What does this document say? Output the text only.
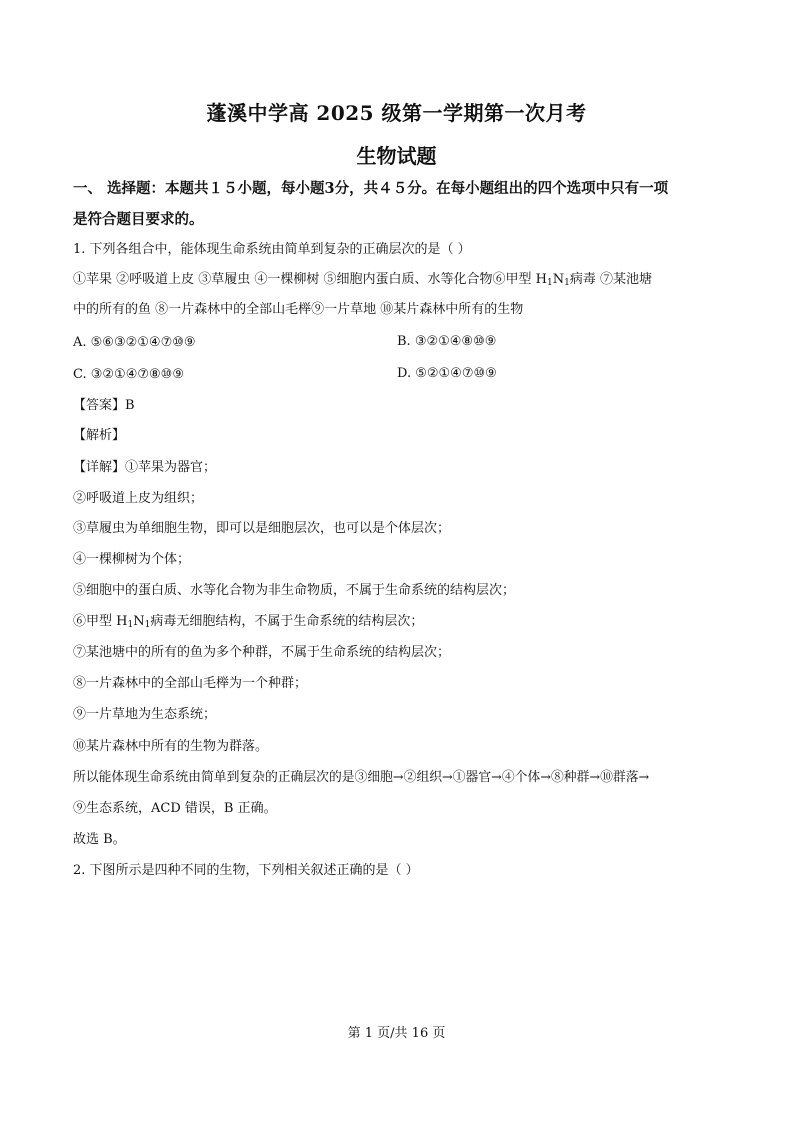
蓬溪中学高 2025 级第一学期第一次月考
生物试题
一、 选择题：本题共１５小题，每小题3分，共４５分。在每小题组出的四个选项中只有一项
是符合题目要求的。
1. 下列各组合中，能体现生命系统由简单到复杂的正确层次的是（ ）
①苹果 ②呼吸道上皮 ③草履虫 ④一棵柳树 ⑤细胞内蛋白质、水等化合物⑥甲型 $H_1N_1$病毒 ⑦某池塘
中的所有的鱼 ⑧一片森林中的全部山毛榉⑨一片草地 ⑩某片森林中所有的生物
A. ⑤⑥③②①④⑦⑩⑨	B. ③②①④⑧⑩⑨
C. ③②①④⑦⑧⑩⑨	D. ⑤②①④⑦⑩⑨
【答案】B
【解析】
【详解】①苹果为器官；
②呼吸道上皮为组织；
③草履虫为单细胞生物，即可以是细胞层次，也可以是个体层次；
④一棵柳树为个体；
⑤细胞中的蛋白质、水等化合物为非生命物质，不属于生命系统的结构层次；
⑥甲型 $H_1N_1$病毒无细胞结构，不属于生命系统的结构层次；
⑦某池塘中的所有的鱼为多个种群，不属于生命系统的结构层次；
⑧一片森林中的全部山毛榉为一个种群；
⑨一片草地为生态系统；
⑩某片森林中所有的生物为群落。
所以能体现生命系统由简单到复杂的正确层次的是③细胞→②组织→①器官→④个体→⑧种群→⑩群落→
⑨生态系统，ACD 错误，B 正确。
故选 B。
2. 下图所示是四种不同的生物，下列相关叙述正确的是（ ）
第 1 页/共 16 页
